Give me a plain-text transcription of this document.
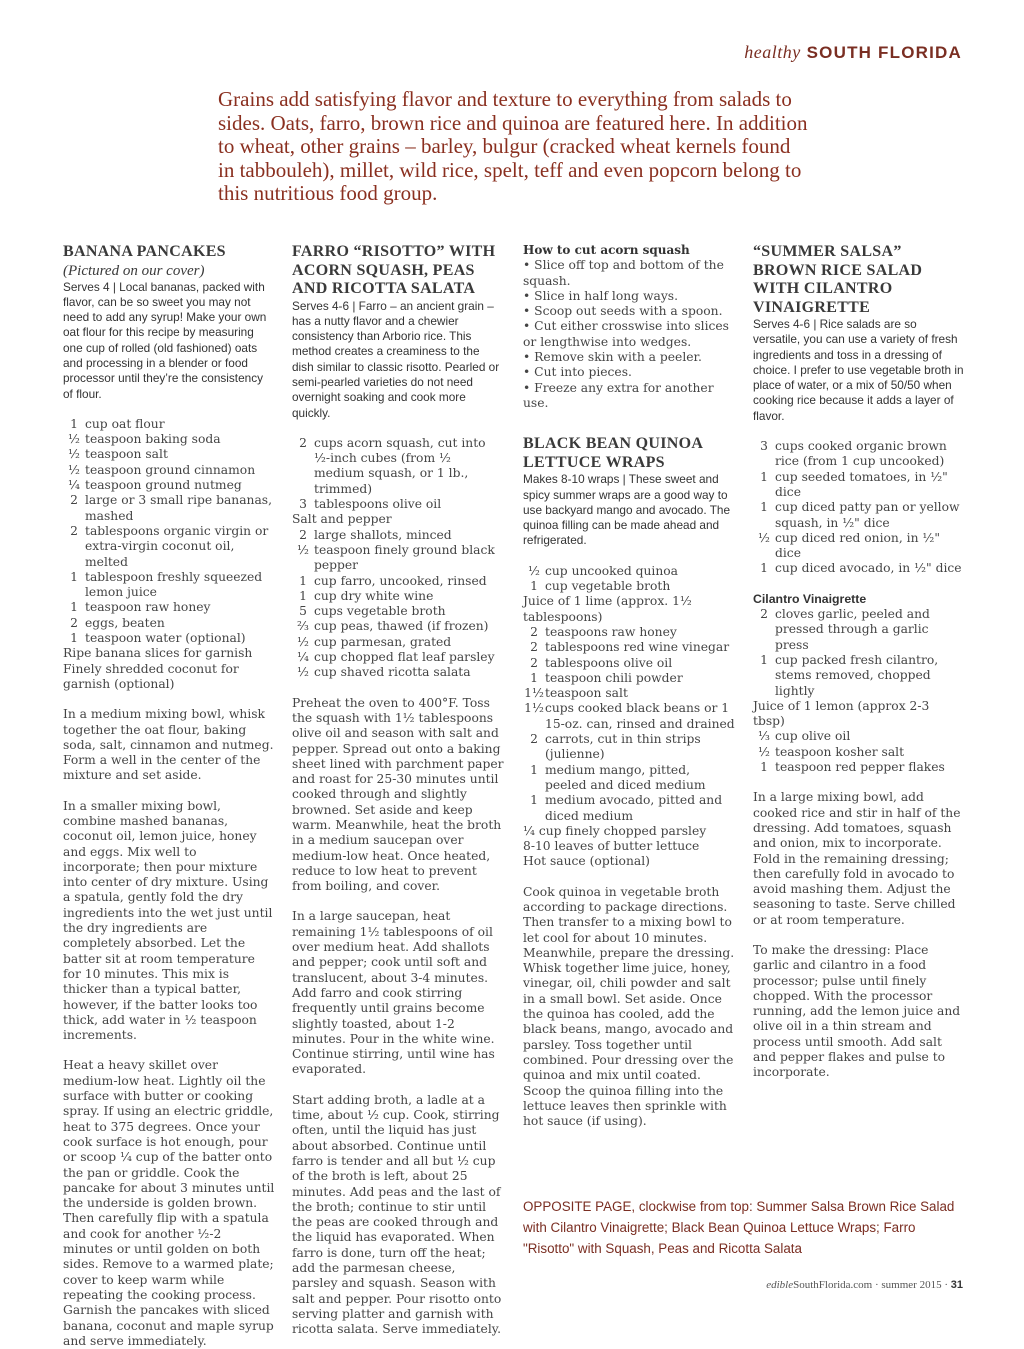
healthy SOUTH FLORIDA

Grains add satisfying flavor and texture to everything from salads to sides. Oats, farro, brown rice and quinoa are featured here. In addition to wheat, other grains – barley, bulgur (cracked wheat kernels found in tabbouleh), millet, wild rice, spelt, teff and even popcorn belong to this nutritious food group.

BANANA PANCAKES

(Pictured on our cover)

Serves 4 | Local bananas, packed with flavor, can be so sweet you may not need to add any syrup! Make your own oat flour for this recipe by measuring one cup of rolled (old fashioned) oats and processing in a blender or food processor until they’re the consistency of flour.

1 cup oat flour
½ teaspoon baking soda
½ teaspoon salt
½ teaspoon ground cinnamon
¼ teaspoon ground nutmeg
2 large or 3 small ripe bananas, mashed
2 tablespoons organic virgin or extra-virgin coconut oil, melted
1 tablespoon freshly squeezed lemon juice
1 teaspoon raw honey
2 eggs, beaten
1 teaspoon water (optional)
Ripe banana slices for garnish
Finely shredded coconut for garnish (optional)

In a medium mixing bowl, whisk together the oat flour, baking soda, salt, cinnamon and nutmeg. Form a well in the center of the mixture and set aside.

In a smaller mixing bowl, combine mashed bananas, coconut oil, lemon juice, honey and eggs. Mix well to incorporate; then pour mixture into center of dry mixture. Using a spatula, gently fold the dry ingredients into the wet just until the dry ingredients are completely absorbed. Let the batter sit at room temperature for 10 minutes. This mix is thicker than a typical batter, however, if the batter looks too thick, add water in ½ teaspoon increments.

Heat a heavy skillet over medium-low heat. Lightly oil the surface with butter or cooking spray. If using an electric griddle, heat to 375 degrees. Once your cook surface is hot enough, pour or scoop ¼ cup of the batter onto the pan or griddle. Cook the pancake for about 3 minutes until the underside is golden brown. Then carefully flip with a spatula and cook for another ½-2 minutes or until golden on both sides. Remove to a warmed plate; cover to keep warm while repeating the cooking process. Garnish the pancakes with sliced banana, coconut and maple syrup and serve immediately.

FARRO “RISOTTO” WITH ACORN SQUASH, PEAS AND RICOTTA SALATA

Serves 4-6 | Farro – an ancient grain – has a nutty flavor and a chewier consistency than Arborio rice. This method creates a creaminess to the dish similar to classic risotto. Pearled or semi-pearled varieties do not need overnight soaking and cook more quickly.

2 cups acorn squash, cut into ½-inch cubes (from ½ medium squash, or 1 lb., trimmed)
3 tablespoons olive oil
Salt and pepper
2 large shallots, minced
½ teaspoon finely ground black pepper
1 cup farro, uncooked, rinsed
1 cup dry white wine
5 cups vegetable broth
⅔ cup peas, thawed (if frozen)
½ cup parmesan, grated
¼ cup chopped flat leaf parsley
½ cup shaved ricotta salata

Preheat the oven to 400°F. Toss the squash with 1½ tablespoons olive oil and season with salt and pepper. Spread out onto a baking sheet lined with parchment paper and roast for 25-30 minutes until cooked through and slightly browned. Set aside and keep warm. Meanwhile, heat the broth in a medium saucepan over medium-low heat. Once heated, reduce to low heat to prevent from boiling, and cover.

In a large saucepan, heat remaining 1½ tablespoons of oil over medium heat. Add shallots and pepper; cook until soft and translucent, about 3-4 minutes. Add farro and cook stirring frequently until grains become slightly toasted, about 1-2 minutes. Pour in the white wine. Continue stirring, until wine has evaporated.

Start adding broth, a ladle at a time, about ½ cup. Cook, stirring often, until the liquid has just about absorbed. Continue until farro is tender and all but ½ cup of the broth is left, about 25 minutes. Add peas and the last of the broth; continue to stir until the peas are cooked through and the liquid has evaporated. When farro is done, turn off the heat; add the parmesan cheese, parsley and squash. Season with salt and pepper. Pour risotto onto serving platter and garnish with ricotta salata. Serve immediately.

How to cut acorn squash
• Slice off top and bottom of the squash.
• Slice in half long ways.
• Scoop out seeds with a spoon.
• Cut either crosswise into slices or lengthwise into wedges.
• Remove skin with a peeler.
• Cut into pieces.
• Freeze any extra for another use.
BLACK BEAN QUINOA LETTUCE WRAPS

Makes 8-10 wraps | These sweet and spicy summer wraps are a good way to use backyard mango and avocado. The quinoa filling can be made ahead and refrigerated.

½ cup uncooked quinoa
1 cup vegetable broth
Juice of 1 lime (approx. 1½ tablespoons)
2 teaspoons raw honey
2 tablespoons red wine vinegar
2 tablespoons olive oil
1 teaspoon chili powder
1½ teaspoon salt
1½ cups cooked black beans or 1 15-oz. can, rinsed and drained
2 carrots, cut in thin strips (julienne)
1 medium mango, pitted, peeled and diced medium
1 medium avocado, pitted and diced medium
¼ cup finely chopped parsley
8-10 leaves of butter lettuce
Hot sauce (optional)

Cook quinoa in vegetable broth according to package directions. Then transfer to a mixing bowl to let cool for about 10 minutes. Meanwhile, prepare the dressing. Whisk together lime juice, honey, vinegar, oil, chili powder and salt in a small bowl. Set aside. Once the quinoa has cooled, add the black beans, mango, avocado and parsley. Toss together until combined. Pour dressing over the quinoa and mix until coated. Scoop the quinoa filling into the lettuce leaves then sprinkle with hot sauce (if using).

“SUMMER SALSA” BROWN RICE SALAD WITH CILANTRO VINAIGRETTE

Serves 4-6 | Rice salads are so versatile, you can use a variety of fresh ingredients and toss in a dressing of choice. I prefer to use vegetable broth in place of water, or a mix of 50/50 when cooking rice because it adds a layer of flavor.

3 cups cooked organic brown rice (from 1 cup uncooked)
1 cup seeded tomatoes, in ½" dice
1 cup diced patty pan or yellow squash, in ½" dice
½ cup diced red onion, in ½" dice
1 cup diced avocado, in ½" dice
Cilantro Vinaigrette
2 cloves garlic, peeled and pressed through a garlic press
1 cup packed fresh cilantro, stems removed, chopped lightly
Juice of 1 lemon (approx 2-3 tbsp)
⅓ cup olive oil
½ teaspoon kosher salt
1 teaspoon red pepper flakes

In a large mixing bowl, add cooked rice and stir in half of the dressing. Add tomatoes, squash and onion, mix to incorporate. Fold in the remaining dressing; then carefully fold in avocado to avoid mashing them. Adjust the seasoning to taste. Serve chilled or at room temperature.

To make the dressing: Place garlic and cilantro in a food processor; pulse until finely chopped. With the processor running, add the lemon juice and olive oil in a thin stream and process until smooth. Add salt and pepper flakes and pulse to incorporate.

OPPOSITE PAGE, clockwise from top: Summer Salsa Brown Rice Salad with Cilantro Vinaigrette; Black Bean Quinoa Lettuce Wraps; Farro "Risotto" with Squash, Peas and Ricotta Salata

edibleSouthFlorida.com · summer 2015 · 31
